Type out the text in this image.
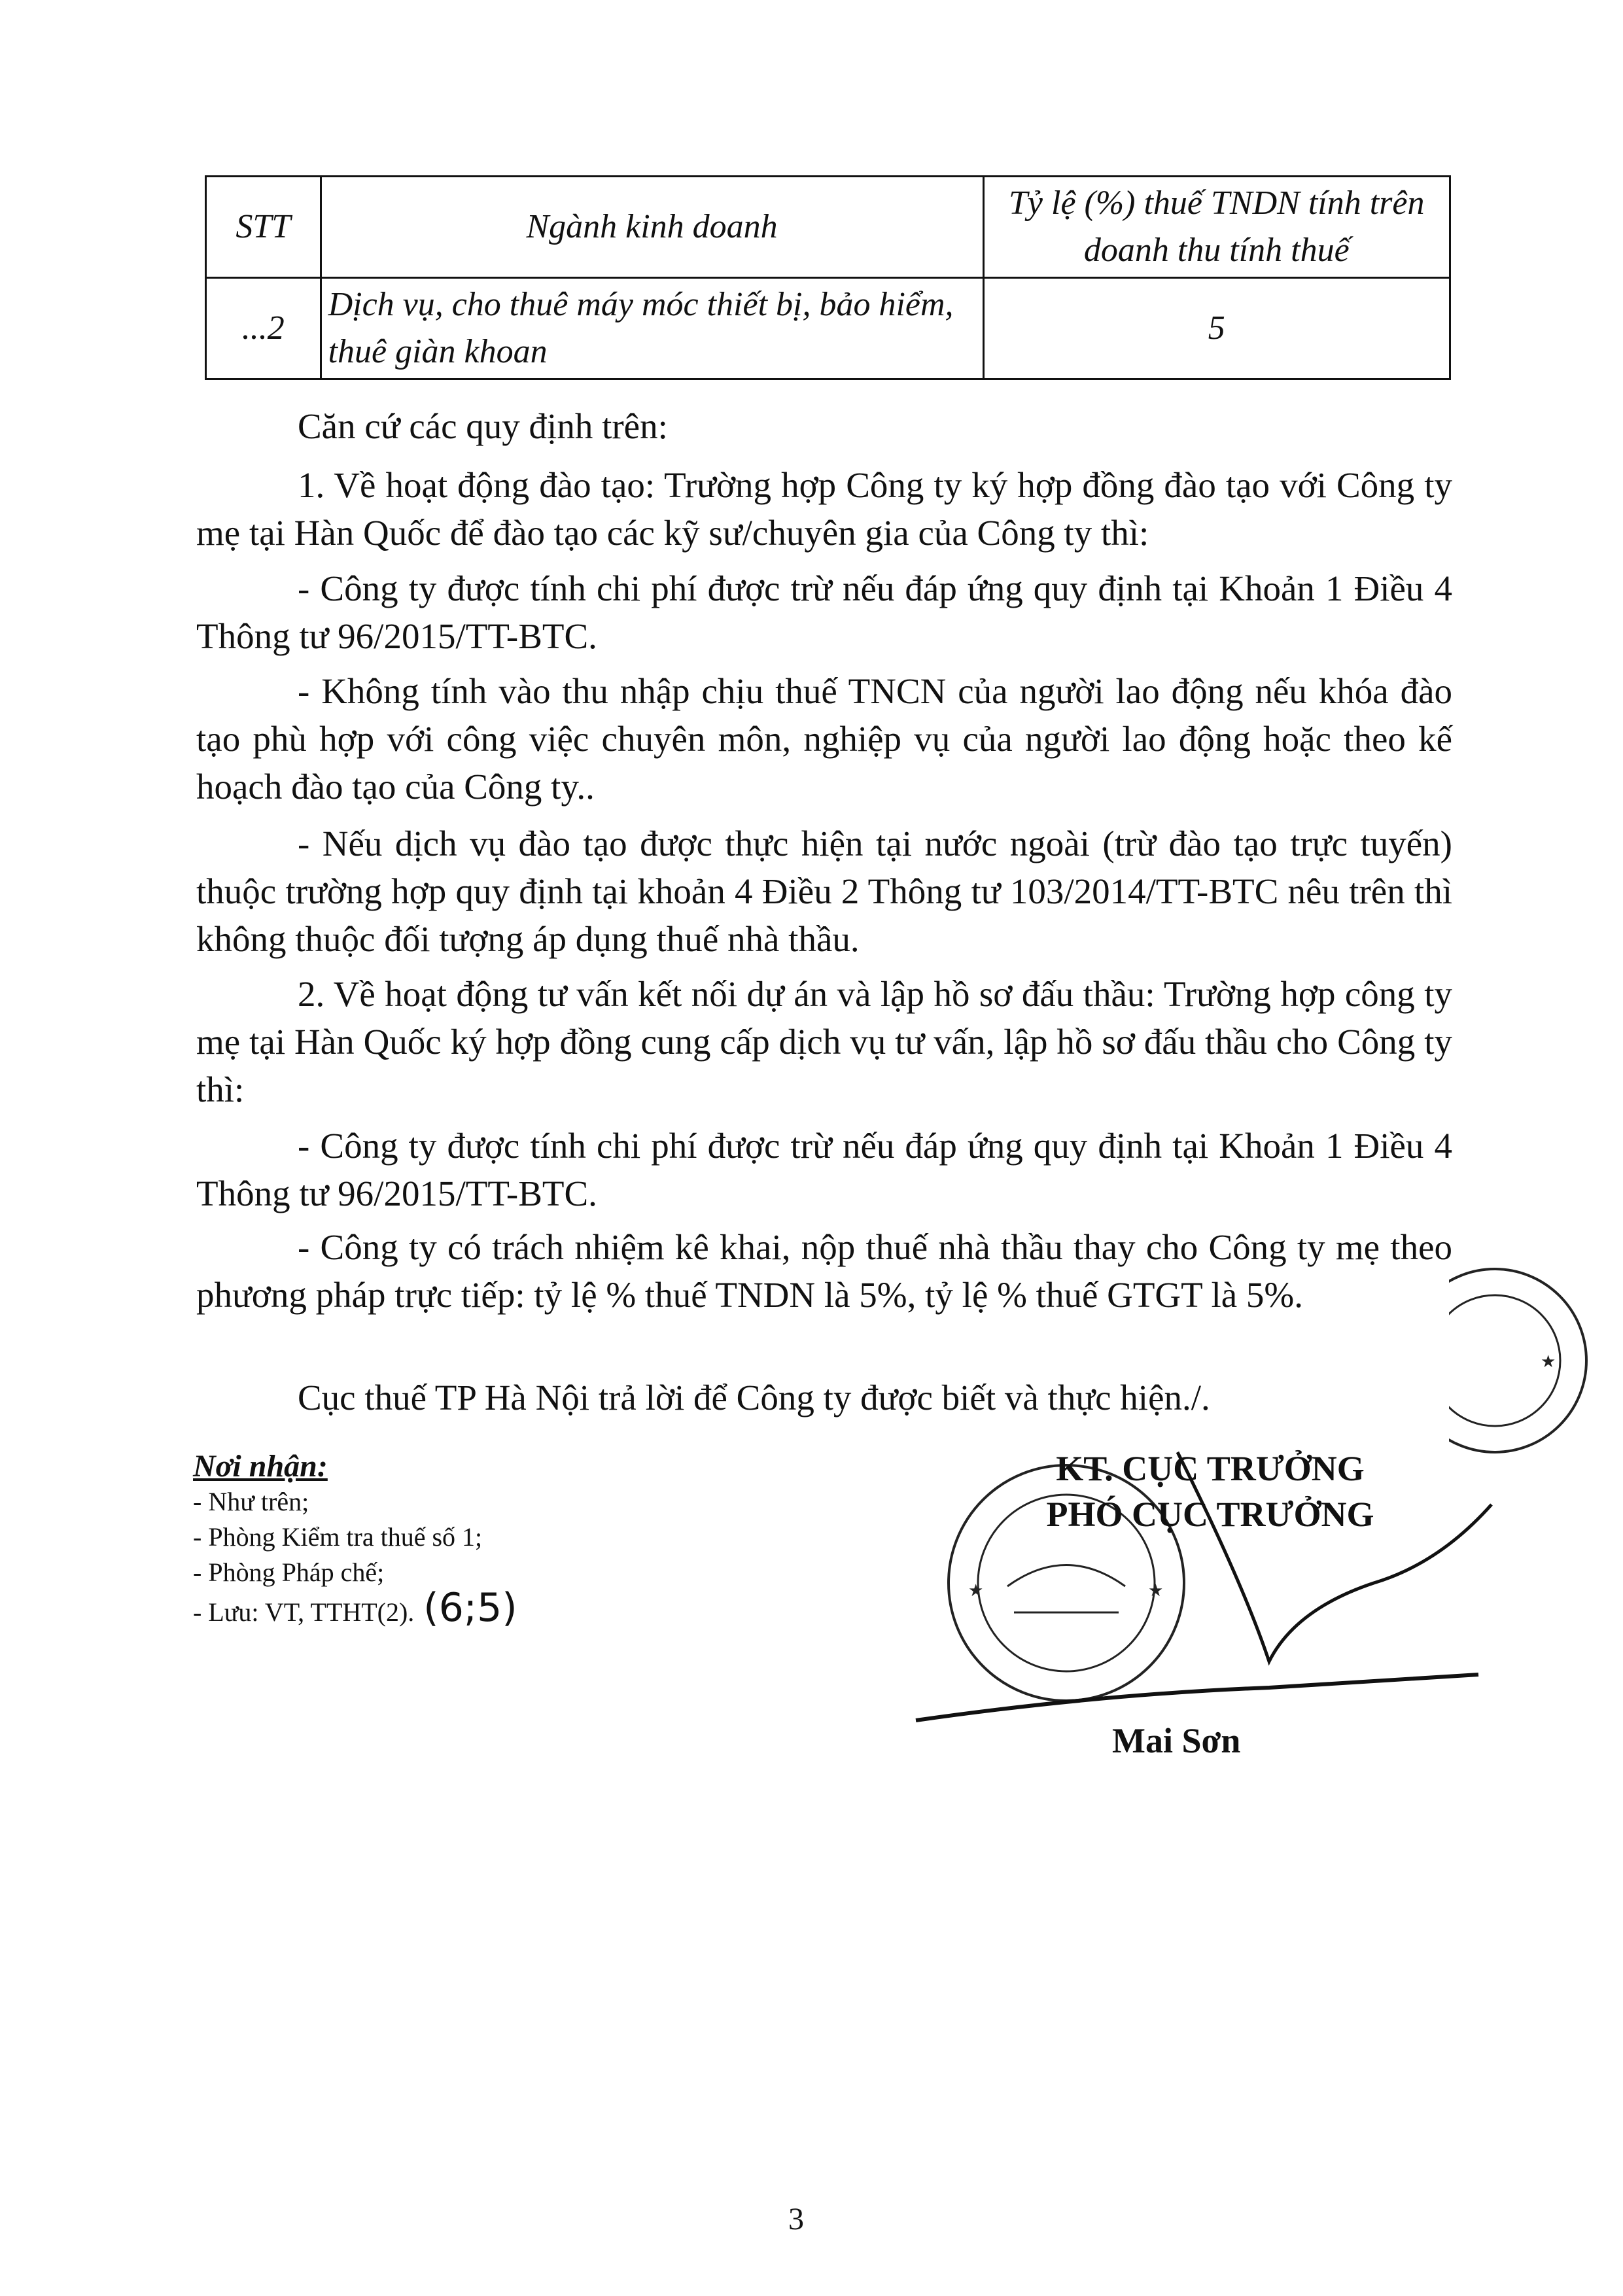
STT	Ngành kinh doanh	Tỷ lệ (%) thuế TNDN tính trên doanh thu tính thuế
...2	Dịch vụ, cho thuê máy móc thiết bị, bảo hiểm, thuê giàn khoan	5

Căn cứ các quy định trên:

1. Về hoạt động đào tạo: Trường hợp Công ty ký hợp đồng đào tạo với Công ty mẹ tại Hàn Quốc để đào tạo các kỹ sư/chuyên gia của Công ty thì:

- Công ty được tính chi phí được trừ nếu đáp ứng quy định tại Khoản 1 Điều 4 Thông tư 96/2015/TT-BTC.

- Không tính vào thu nhập chịu thuế TNCN của người lao động nếu khóa đào tạo phù hợp với công việc chuyên môn, nghiệp vụ của người lao động hoặc theo kế hoạch đào tạo của Công ty..

- Nếu dịch vụ đào tạo được thực hiện tại nước ngoài (trừ đào tạo trực tuyến) thuộc trường hợp quy định tại khoản 4 Điều 2 Thông tư 103/2014/TT-BTC nêu trên thì không thuộc đối tượng áp dụng thuế nhà thầu.

2. Về hoạt động tư vấn kết nối dự án và lập hồ sơ đấu thầu: Trường hợp công ty mẹ tại Hàn Quốc ký hợp đồng cung cấp dịch vụ tư vấn, lập hồ sơ đấu thầu cho Công ty thì:

- Công ty được tính chi phí được trừ nếu đáp ứng quy định tại Khoản 1 Điều 4 Thông tư 96/2015/TT-BTC.

- Công ty có trách nhiệm kê khai, nộp thuế nhà thầu thay cho Công ty mẹ theo phương pháp trực tiếp: tỷ lệ % thuế TNDN là 5%, tỷ lệ % thuế GTGT là 5%.

Cục thuế TP Hà Nội trả lời để Công ty được biết và thực hiện./.

Nơi nhận:
- Như trên;
- Phòng Kiểm tra thuế số 1;
- Phòng Pháp chế;
- Lưu: VT, TTHT(2). (6;5)	★	★
★
KT. CỤC TRƯỞNG
PHÓ CỤC TRƯỞNG
Mai Sơn
3
